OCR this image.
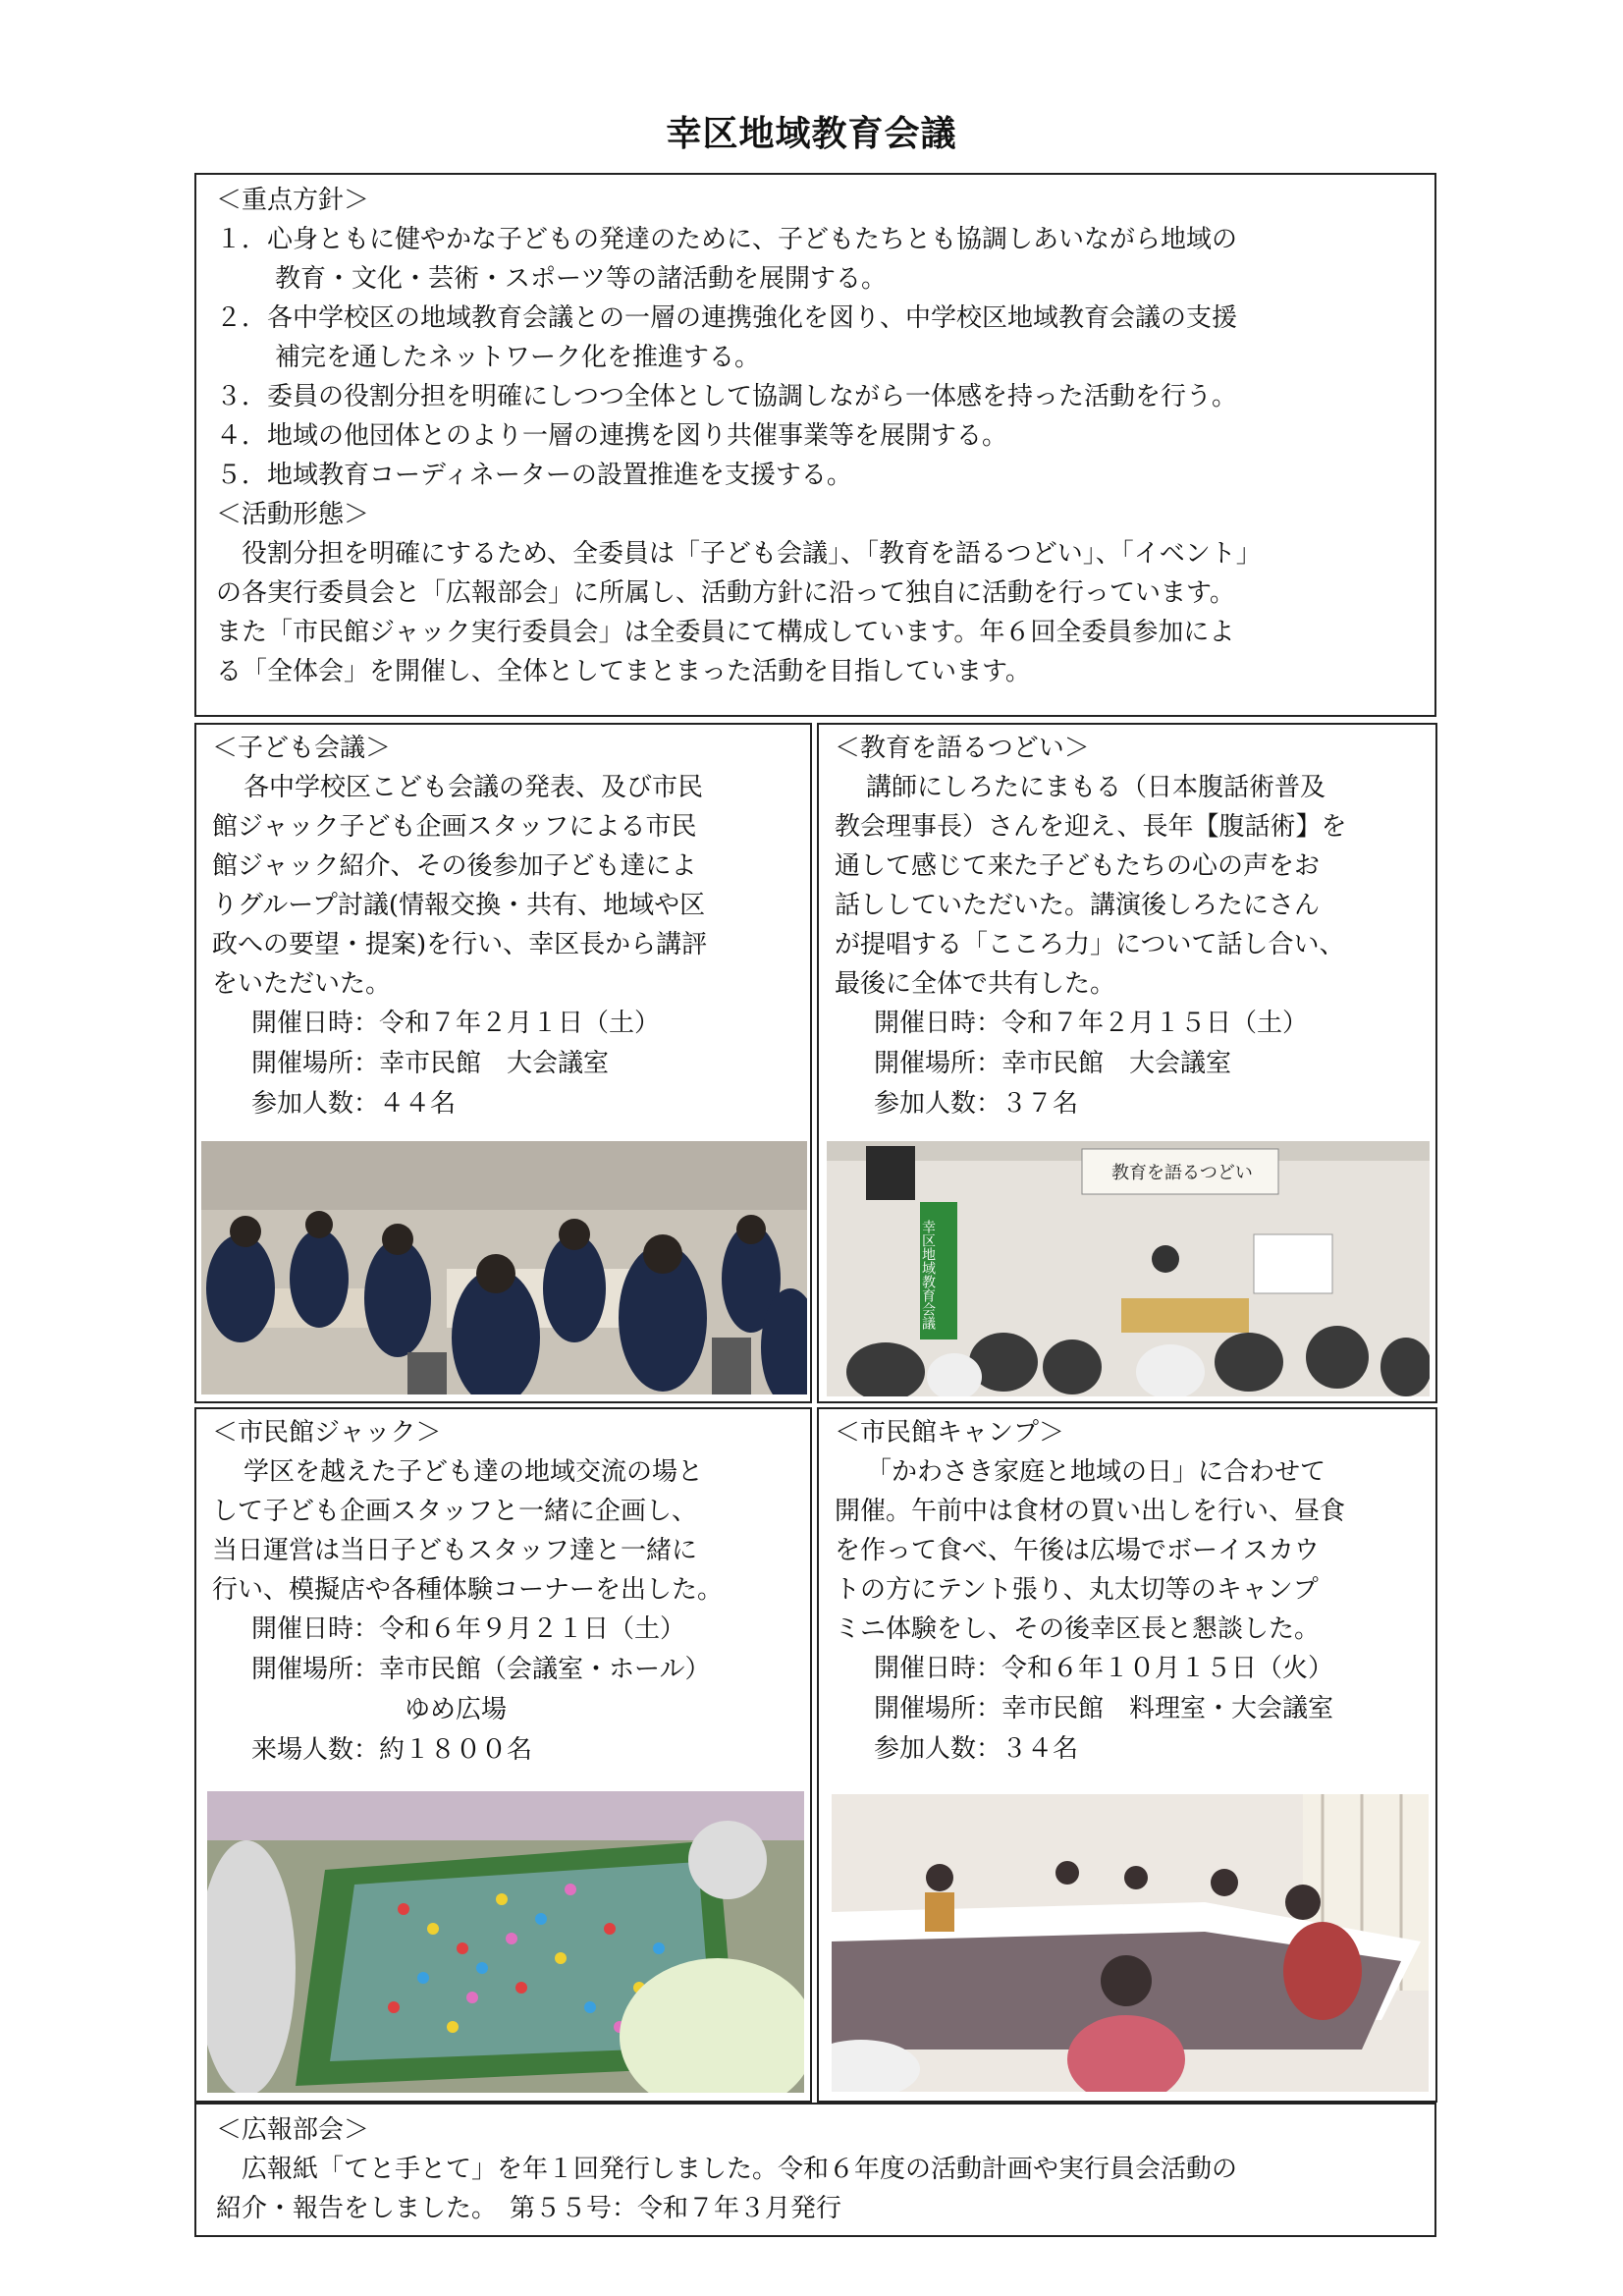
幸区地域教育会議
＜重点方針＞
１．心身ともに健やかな子どもの発達のために、子どもたちとも協調しあいながら地域の
教育・文化・芸術・スポーツ等の諸活動を展開する。
２．各中学校区の地域教育会議との一層の連携強化を図り、中学校区地域教育会議の支援
補完を通したネットワーク化を推進する。
３．委員の役割分担を明確にしつつ全体として協調しながら一体感を持った活動を行う。
４．地域の他団体とのより一層の連携を図り共催事業等を展開する。
５．地域教育コーディネーターの設置推進を支援する。
＜活動形態＞
役割分担を明確にするため、全委員は「子ども会議」、「教育を語るつどい」、「イベント」
の各実行委員会と「広報部会」に所属し、活動方針に沿って独自に活動を行っています。
また「市民館ジャック実行委員会」は全委員にて構成しています。年６回全委員参加によ
る「全体会」を開催し、全体としてまとまった活動を目指しています。
＜子ども会議＞
各中学校区こども会議の発表、及び市民
館ジャック子ども企画スタッフによる市民
館ジャック紹介、その後参加子ども達によ
りグループ討議(情報交換・共有、地域や区
政への要望・提案)を行い、幸区長から講評
をいただいた。
開催日時：令和７年２月１日（土）
開催場所：幸市民館　大会議室
参加人数：４４名
＜教育を語るつどい＞
講師にしろたにまもる（日本腹話術普及
教会理事長）さんを迎え、長年【腹話術】を
通して感じて来た子どもたちの心の声をお
話ししていただいた。講演後しろたにさん
が提唱する「こころ力」について話し合い、
最後に全体で共有した。
開催日時：令和７年２月１５日（土）
開催場所：幸市民館　大会議室
参加人数：３７名
教育を語るつどい
幸区地域教育会議
＜市民館ジャック＞
学区を越えた子ども達の地域交流の場と
して子ども企画スタッフと一緒に企画し、
当日運営は当日子どもスタッフ達と一緒に
行い、模擬店や各種体験コーナーを出した。
開催日時：令和６年９月２１日（土）
開催場所：幸市民館（会議室・ホール）
ゆめ広場
来場人数：約１８００名
＜市民館キャンプ＞
「かわさき家庭と地域の日」に合わせて
開催。午前中は食材の買い出しを行い、昼食
を作って食べ、午後は広場でボーイスカウ
トの方にテント張り、丸太切等のキャンプ
ミニ体験をし、その後幸区長と懇談した。
開催日時：令和６年１０月１５日（火）
開催場所：幸市民館　料理室・大会議室
参加人数：３４名
＜広報部会＞
広報紙「てと手とて」を年１回発行しました。令和６年度の活動計画や実行員会活動の
紹介・報告をしました。　第５５号：令和７年３月発行
